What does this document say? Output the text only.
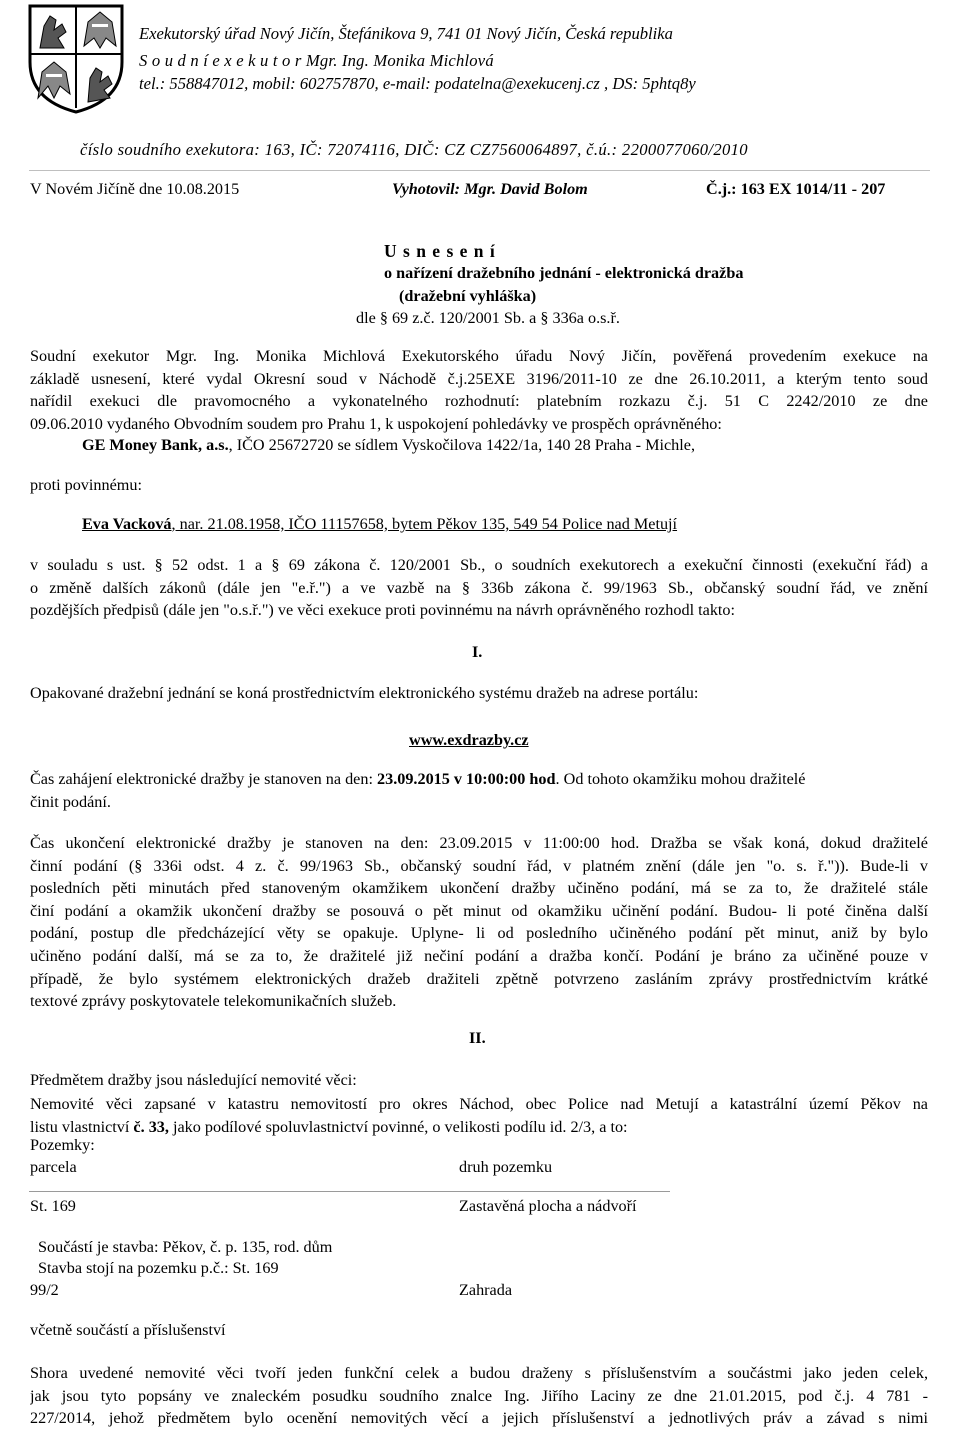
Exekutorský úřad Nový Jičín, Štefánikova 9, 741 01 Nový Jičín, Česká republika
S o u d n í e x e k u t o r Mgr. Ing. Monika Michlová
tel.: 558847012, mobil: 602757870, e-mail: podatelna@exekucenj.cz , DS: 5phtq8y
číslo soudního exekutora: 163, IČ: 72074116, DIČ: CZ CZ7560064897, č.ú.: 2200077060/2010
V Novém Jičíně dne 10.08.2015	Vyhotovil: Mgr. David Bolom	Č.j.: 163 EX 1014/11 - 207
U s n e s e n í
o nařízení dražebního jednání - elektronická dražba
(dražební vyhláška)
dle § 69 z.č. 120/2001 Sb. a § 336a o.s.ř.
Soudní exekutor Mgr. Ing. Monika Michlová Exekutorského úřadu Nový Jičín, pověřená provedením exekuce na
základě usnesení, které vydal Okresní soud v Náchodě č.j.25EXE 3196/2011-10 ze dne 26.10.2011, a kterým tento soud
nařídil exekuci dle pravomocného a vykonatelného rozhodnutí: platebním rozkazu č.j. 51 C 2242/2010 ze dne
09.06.2010 vydaného Obvodním soudem pro Prahu 1, k uspokojení pohledávky ve prospěch oprávněného:
GE Money Bank, a.s., IČO 25672720 se sídlem Vyskočilova 1422/1a, 140 28 Praha - Michle,
proti povinnému:
Eva Vacková, nar. 21.08.1958, IČO 11157658, bytem Pěkov 135, 549 54 Police nad Metují
v souladu s ust. § 52 odst. 1 a § 69 zákona č. 120/2001 Sb., o soudních exekutorech a exekuční činnosti (exekuční řád) a
o změně dalších zákonů (dále jen "e.ř.") a ve vazbě na § 336b zákona č. 99/1963 Sb., občanský soudní řád, ve znění
pozdějších předpisů (dále jen "o.s.ř.") ve věci exekuce proti povinnému na návrh oprávněného rozhodl takto:
I.
Opakované dražební jednání se koná prostřednictvím elektronického systému dražeb na adrese portálu:
www.exdrazby.cz
Čas zahájení elektronické dražby je stanoven na den: 23.09.2015 v 10:00:00 hod. Od tohoto okamžiku mohou dražitelé
činit podání.
Čas ukončení elektronické dražby je stanoven na den: 23.09.2015 v 11:00:00 hod. Dražba se však koná, dokud dražitelé
činní podání (§ 336i odst. 4 z. č. 99/1963 Sb., občanský soudní řád, v platném znění (dále jen "o. s. ř.")). Bude-li v
posledních pěti minutách před stanoveným okamžikem ukončení dražby učiněno podání, má se za to, že dražitelé stále
činí podání a okamžik ukončení dražby se posouvá o pět minut od okamžiku učinění podání. Budou- li poté činěna další
podání, postup dle předcházející věty se opakuje. Uplyne- li od posledního učiněného podání pět minut, aniž by bylo
učiněno podání další, má se za to, že dražitelé již nečiní podání a dražba končí. Podání je bráno za učiněné pouze v
případě, že bylo systémem elektronických dražeb dražiteli zpětně potvrzeno zasláním zprávy prostřednictvím krátké
textové zprávy poskytovatele telekomunikačních služeb.
II.
Předmětem dražby jsou následující nemovité věci:
Nemovité věci zapsané v katastru nemovitostí pro okres Náchod, obec Police nad Metují a katastrální území Pěkov na
listu vlastnictví č. 33, jako podílové spoluvlastnictví povinné, o velikosti podílu id. 2/3, a to:
Pozemky:
parcela	druh pozemku
St. 169	Zastavěná plocha a nádvoří
Součástí je stavba: Pěkov, č. p. 135, rod. dům
Stavba stojí na pozemku p.č.: St. 169
99/2	Zahrada
včetně součástí a příslušenství
Shora uvedené nemovité věci tvoří jeden funkční celek a budou draženy s příslušenstvím a součástmi jako jeden celek,
jak jsou tyto popsány ve znaleckém posudku soudního znalce Ing. Jiřího Laciny ze dne 21.01.2015, pod č.j. 4 781 -
227/2014, jehož předmětem bylo ocenění nemovitých věcí a jejich příslušenství a jednotlivých práv a závad s nimi
